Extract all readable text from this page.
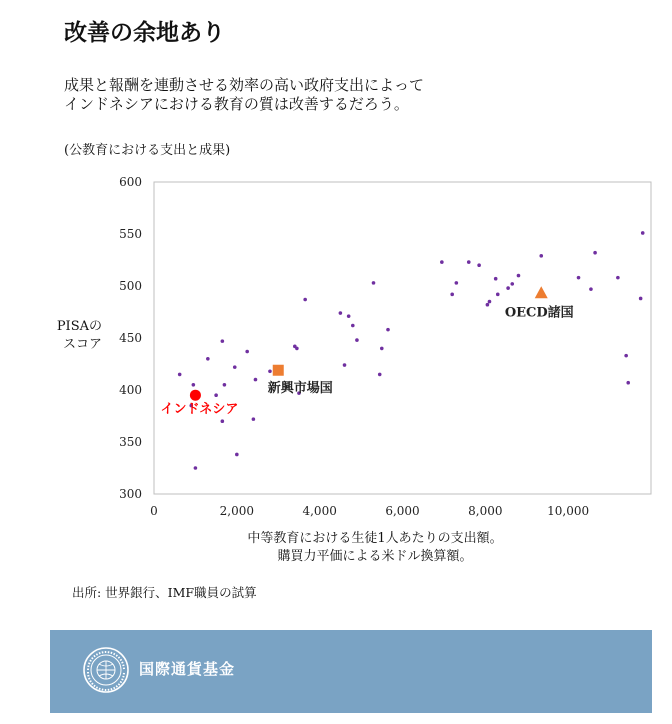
改善の余地あり
成果と報酬を連動させる効率の高い政府支出によって
インドネシアにおける教育の質は改善するだろう。
(公教育における支出と成果)
300
350
400
450
500
550
600
0	2,000	4,000	6,000	8,000	10,000
インドネシア
新興市場国
OECD諸国
PISAの
スコア
中等教育における生徒1人あたりの支出額。
購買力平価による米ドル換算額。
出所: 世界銀行、IMF職員の試算
国際通貨基金
